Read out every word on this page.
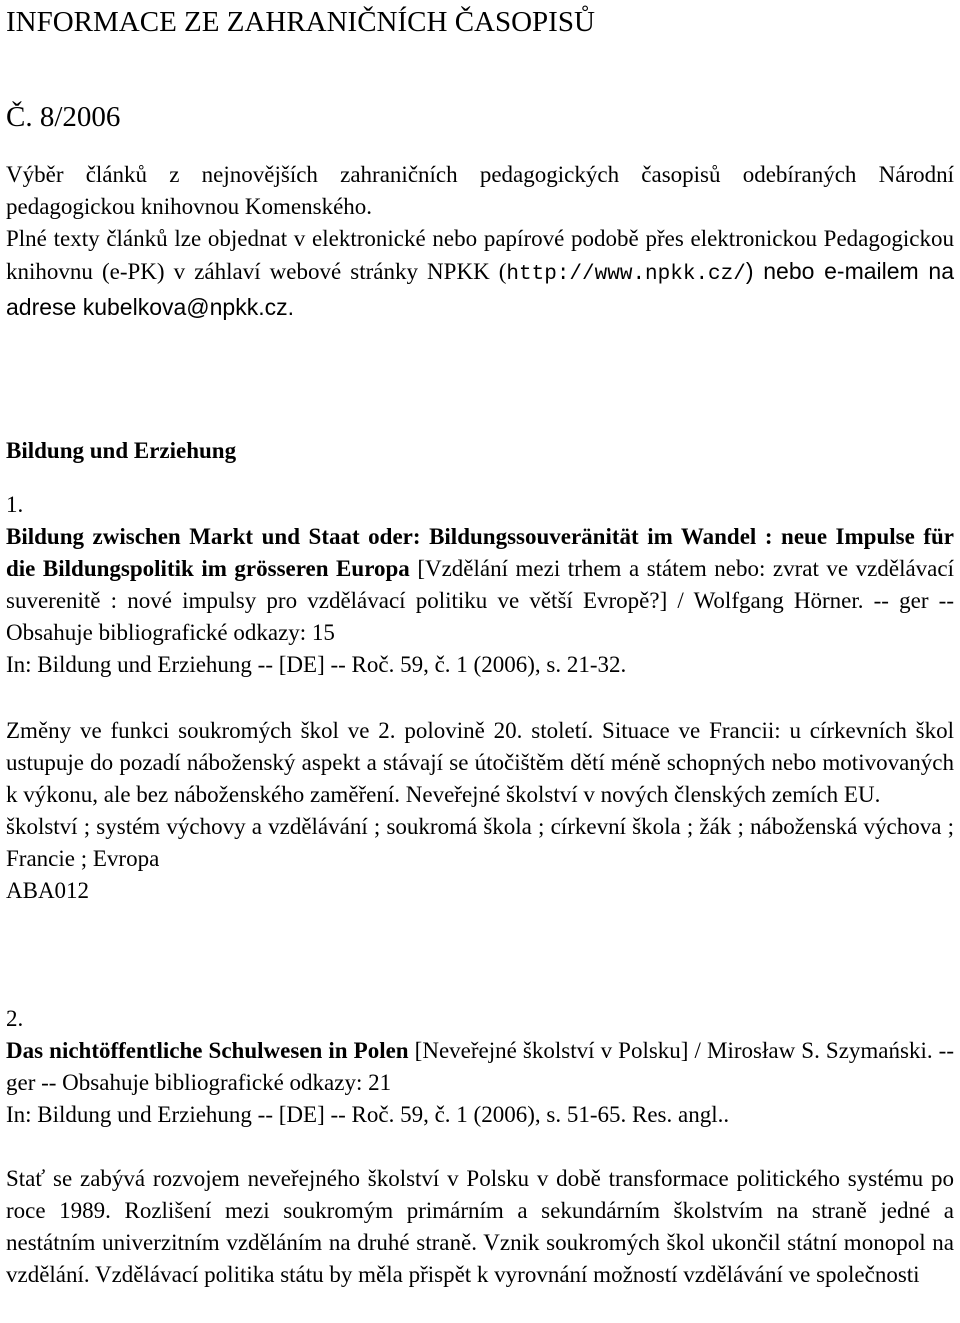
INFORMACE ZE ZAHRANIČNÍCH ČASOPISŮ
Č. 8/2006

Výběr článků z nejnovějších zahraničních pedagogických časopisů odebíraných Národní pedagogickou knihovnou Komenského.

Plné texty článků lze objednat v elektronické nebo papírové podobě přes elektronickou Pedagogickou knihovnu (e-PK) v záhlaví webové stránky NPKK (http://www.npkk.cz/) nebo e-mailem na adrese kubelkova@npkk.cz.

Bildung und Erziehung

1.

Bildung zwischen Markt und Staat oder: Bildungssouveränität im Wandel : neue Impulse für die Bildungspolitik im grösseren Europa [Vzdělání mezi trhem a státem nebo: zvrat ve vzdělávací suverenitě : nové impulsy pro vzdělávací politiku ve větší Evropě?] / Wolfgang Hörner. -- ger -- Obsahuje bibliografické odkazy: 15

In: Bildung und Erziehung -- [DE] -- Roč. 59, č. 1 (2006), s. 21-32.

Změny ve funkci soukromých škol ve 2. polovině 20. století. Situace ve Francii: u církevních škol ustupuje do pozadí náboženský aspekt a stávají se útočištěm dětí méně schopných nebo motivovaných k výkonu, ale bez náboženského zaměření. Neveřejné školství v nových členských zemích EU.

školství ; systém výchovy a vzdělávání ; soukromá škola ; církevní škola ; žák ; náboženská výchova ; Francie ; Evropa

ABA012

2.

Das nichtöffentliche Schulwesen in Polen [Neveřejné školství v Polsku] / Mirosław S. Szymański. -- ger -- Obsahuje bibliografické odkazy: 21

In: Bildung und Erziehung -- [DE] -- Roč. 59, č. 1 (2006), s. 51-65. Res. angl..

Stať se zabývá rozvojem neveřejného školství v Polsku v době transformace politického systému po roce 1989. Rozlišení mezi soukromým primárním a sekundárním školstvím na straně jedné a nestátním univerzitním vzděláním na druhé straně. Vznik soukromých škol ukončil státní monopol na vzdělání. Vzdělávací politika státu by měla přispět k vyrovnání možností vzdělávání ve společnosti
